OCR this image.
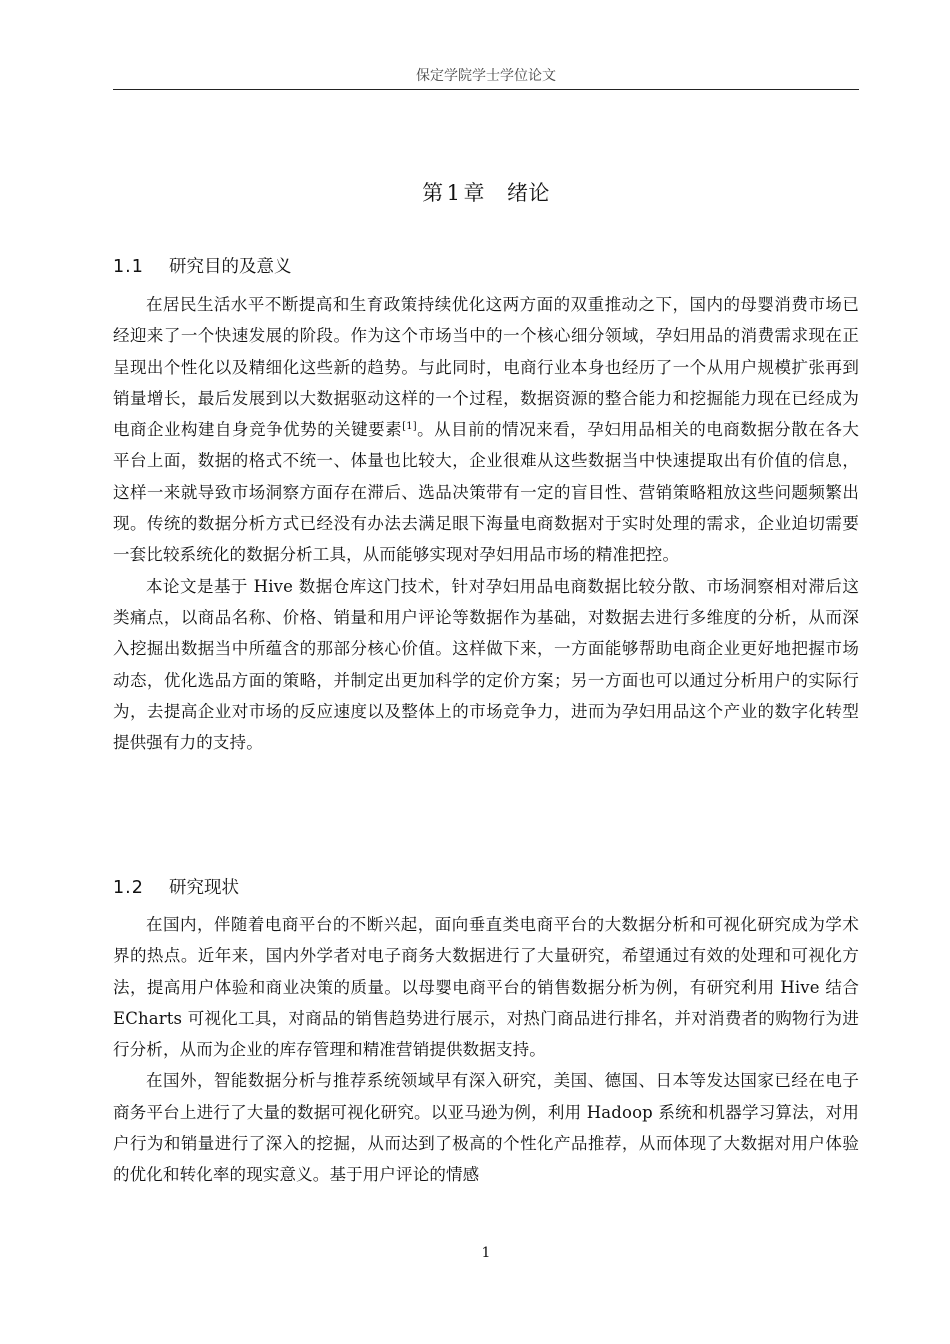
保定学院学士学位论文
第 1 章 绪论
1.1 研究目的及意义

在居民生活水平不断提高和生育政策持续优化这两方面的双重推动之下，国内的母婴消费市场已经迎来了一个快速发展的阶段。作为这个市场当中的一个核心细分领域，孕妇用品的消费需求现在正呈现出个性化以及精细化这些新的趋势。与此同时，电商行业本身也经历了一个从用户规模扩张再到销量增长，最后发展到以大数据驱动这样的一个过程，数据资源的整合能力和挖掘能力现在已经成为电商企业构建自身竞争优势的关键要素[1]。从目前的情况来看，孕妇用品相关的电商数据分散在各大平台上面，数据的格式不统一、体量也比较大，企业很难从这些数据当中快速提取出有价值的信息，这样一来就导致市场洞察方面存在滞后、选品决策带有一定的盲目性、营销策略粗放这些问题频繁出现。传统的数据分析方式已经没有办法去满足眼下海量电商数据对于实时处理的需求，企业迫切需要一套比较系统化的数据分析工具，从而能够实现对孕妇用品市场的精准把控。

本论文是基于 Hive 数据仓库这门技术，针对孕妇用品电商数据比较分散、市场洞察相对滞后这类痛点，以商品名称、价格、销量和用户评论等数据作为基础，对数据去进行多维度的分析，从而深入挖掘出数据当中所蕴含的那部分核心价值。这样做下来，一方面能够帮助电商企业更好地把握市场动态，优化选品方面的策略，并制定出更加科学的定价方案；另一方面也可以通过分析用户的实际行为，去提高企业对市场的反应速度以及整体上的市场竞争力，进而为孕妇用品这个产业的数字化转型提供强有力的支持。

1.2 研究现状

在国内，伴随着电商平台的不断兴起，面向垂直类电商平台的大数据分析和可视化研究成为学术界的热点。近年来，国内外学者对电子商务大数据进行了大量研究，希望通过有效的处理和可视化方法，提高用户体验和商业决策的质量。以母婴电商平台的销售数据分析为例，有研究利用 Hive 结合 ECharts 可视化工具，对商品的销售趋势进行展示，对热门商品进行排名，并对消费者的购物行为进行分析，从而为企业的库存管理和精准营销提供数据支持。

在国外，智能数据分析与推荐系统领域早有深入研究，美国、德国、日本等发达国家已经在电子商务平台上进行了大量的数据可视化研究。以亚马逊为例，利用 Hadoop 系统和机器学习算法，对用户行为和销量进行了深入的挖掘，从而达到了极高的个性化产品推荐，从而体现了大数据对用户体验的优化和转化率的现实意义。基于用户评论的情感

1
